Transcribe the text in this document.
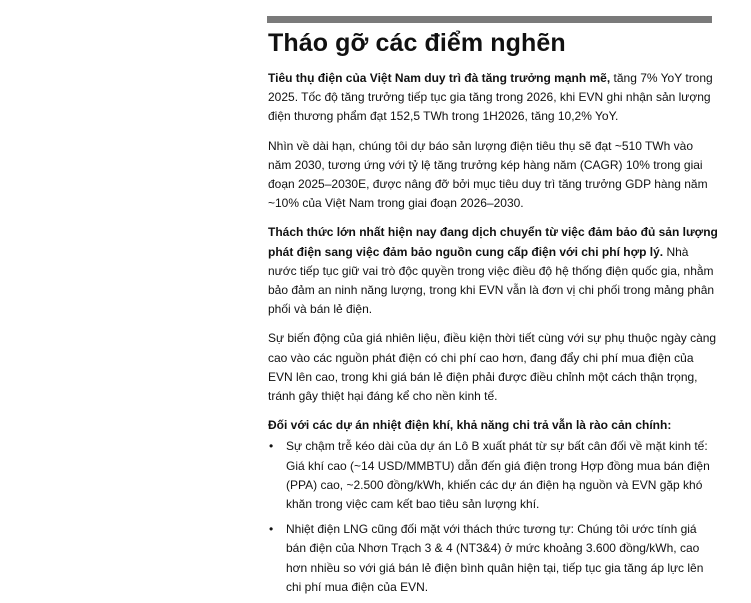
Tháo gỡ các điểm nghẽn

Tiêu thụ điện của Việt Nam duy trì đà tăng trưởng mạnh mẽ, tăng 7% YoY trong 2025. Tốc độ tăng trưởng tiếp tục gia tăng trong 2026, khi EVN ghi nhận sản lượng điện thương phẩm đạt 152,5 TWh trong 1H2026, tăng 10,2% YoY.

Nhìn về dài hạn, chúng tôi dự báo sản lượng điện tiêu thụ sẽ đạt ~510 TWh vào năm 2030, tương ứng với tỷ lệ tăng trưởng kép hàng năm (CAGR) 10% trong giai đoạn 2025–2030E, được nâng đỡ bởi mục tiêu duy trì tăng trưởng GDP hàng năm ~10% của Việt Nam trong giai đoạn 2026–2030.

Thách thức lớn nhất hiện nay đang dịch chuyển từ việc đảm bảo đủ sản lượng phát điện sang việc đảm bảo nguồn cung cấp điện với chi phí hợp lý. Nhà nước tiếp tục giữ vai trò độc quyền trong việc điều độ hệ thống điện quốc gia, nhằm bảo đảm an ninh năng lượng, trong khi EVN vẫn là đơn vị chi phối trong mảng phân phối và bán lẻ điện.

Sự biến động của giá nhiên liệu, điều kiện thời tiết cùng với sự phụ thuộc ngày càng cao vào các nguồn phát điện có chi phí cao hơn, đang đẩy chi phí mua điện của EVN lên cao, trong khi giá bán lẻ điện phải được điều chỉnh một cách thận trọng, tránh gây thiệt hại đáng kể cho nền kinh tế.

Đối với các dự án nhiệt điện khí, khả năng chi trả vẫn là rào cản chính:

• Sự chậm trễ kéo dài của dự án Lô B xuất phát từ sự bất cân đối về mặt kinh tế: Giá khí cao (~14 USD/MMBTU) dẫn đến giá điện trong Hợp đồng mua bán điện (PPA) cao, ~2.500 đồng/kWh, khiến các dự án điện hạ nguồn và EVN gặp khó khăn trong việc cam kết bao tiêu sản lượng khí.
• Nhiệt điện LNG cũng đối mặt với thách thức tương tự: Chúng tôi ước tính giá bán điện của Nhơn Trạch 3 & 4 (NT3&4) ở mức khoảng 3.600 đồng/kWh, cao hơn nhiều so với giá bán lẻ điện bình quân hiện tại, tiếp tục gia tăng áp lực lên chi phí mua điện của EVN.
